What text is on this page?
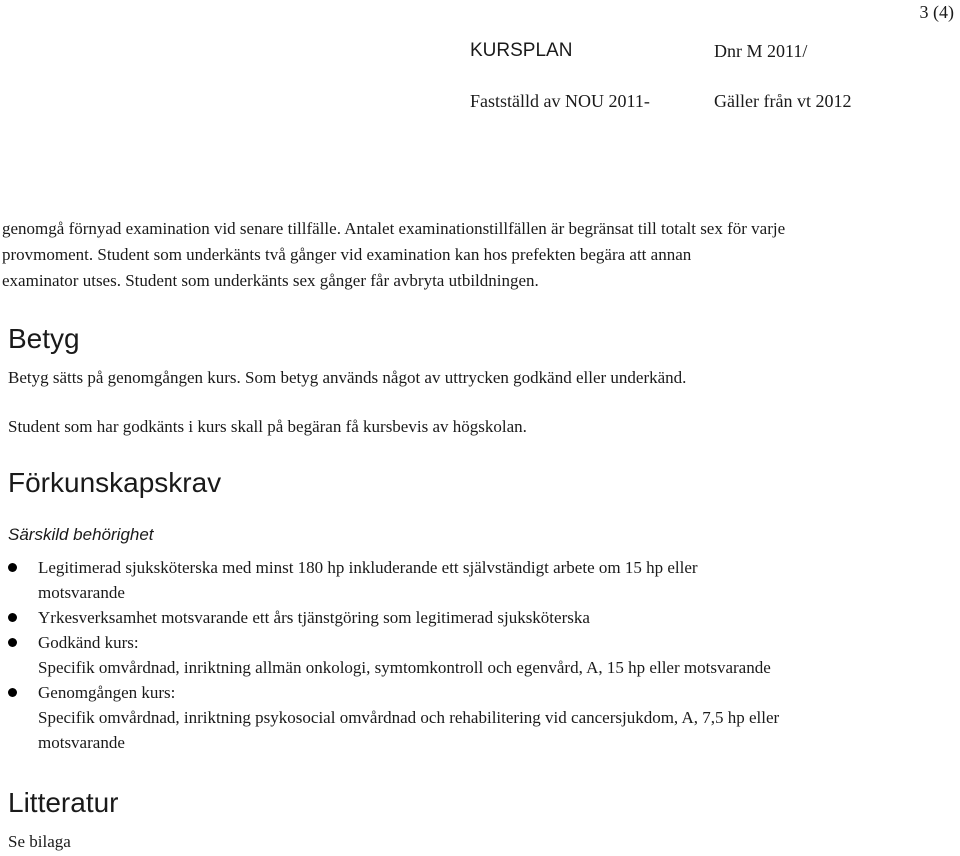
3 (4)
KURSPLAN	Dnr M 2011/
Fastställd av NOU 2011-	Gäller från vt 2012
genomgå förnyad examination vid senare tillfälle. Antalet examinationstillfällen är begränsat till totalt sex för varje
provmoment. Student som underkänts två gånger vid examination kan hos prefekten begära att annan
examinator utses. Student som underkänts sex gånger får avbryta utbildningen.
Betyg

Betyg sätts på genomgången kurs. Som betyg används något av uttrycken godkänd eller underkänd.

Student som har godkänts i kurs skall på begäran få kursbevis av högskolan.

Förkunskapskrav
Särskild behörighet
Legitimerad sjuksköterska med minst 180 hp inkluderande ett självständigt arbete om 15 hp eller
motsvarande
Yrkesverksamhet motsvarande ett års tjänstgöring som legitimerad sjuksköterska
Godkänd kurs:
Specifik omvårdnad, inriktning allmän onkologi, symtomkontroll och egenvård, A, 15 hp eller motsvarande
Genomgången kurs:
Specifik omvårdnad, inriktning psykosocial omvårdnad och rehabilitering vid cancersjukdom, A, 7,5 hp eller
motsvarande
Litteratur

Se bilaga
